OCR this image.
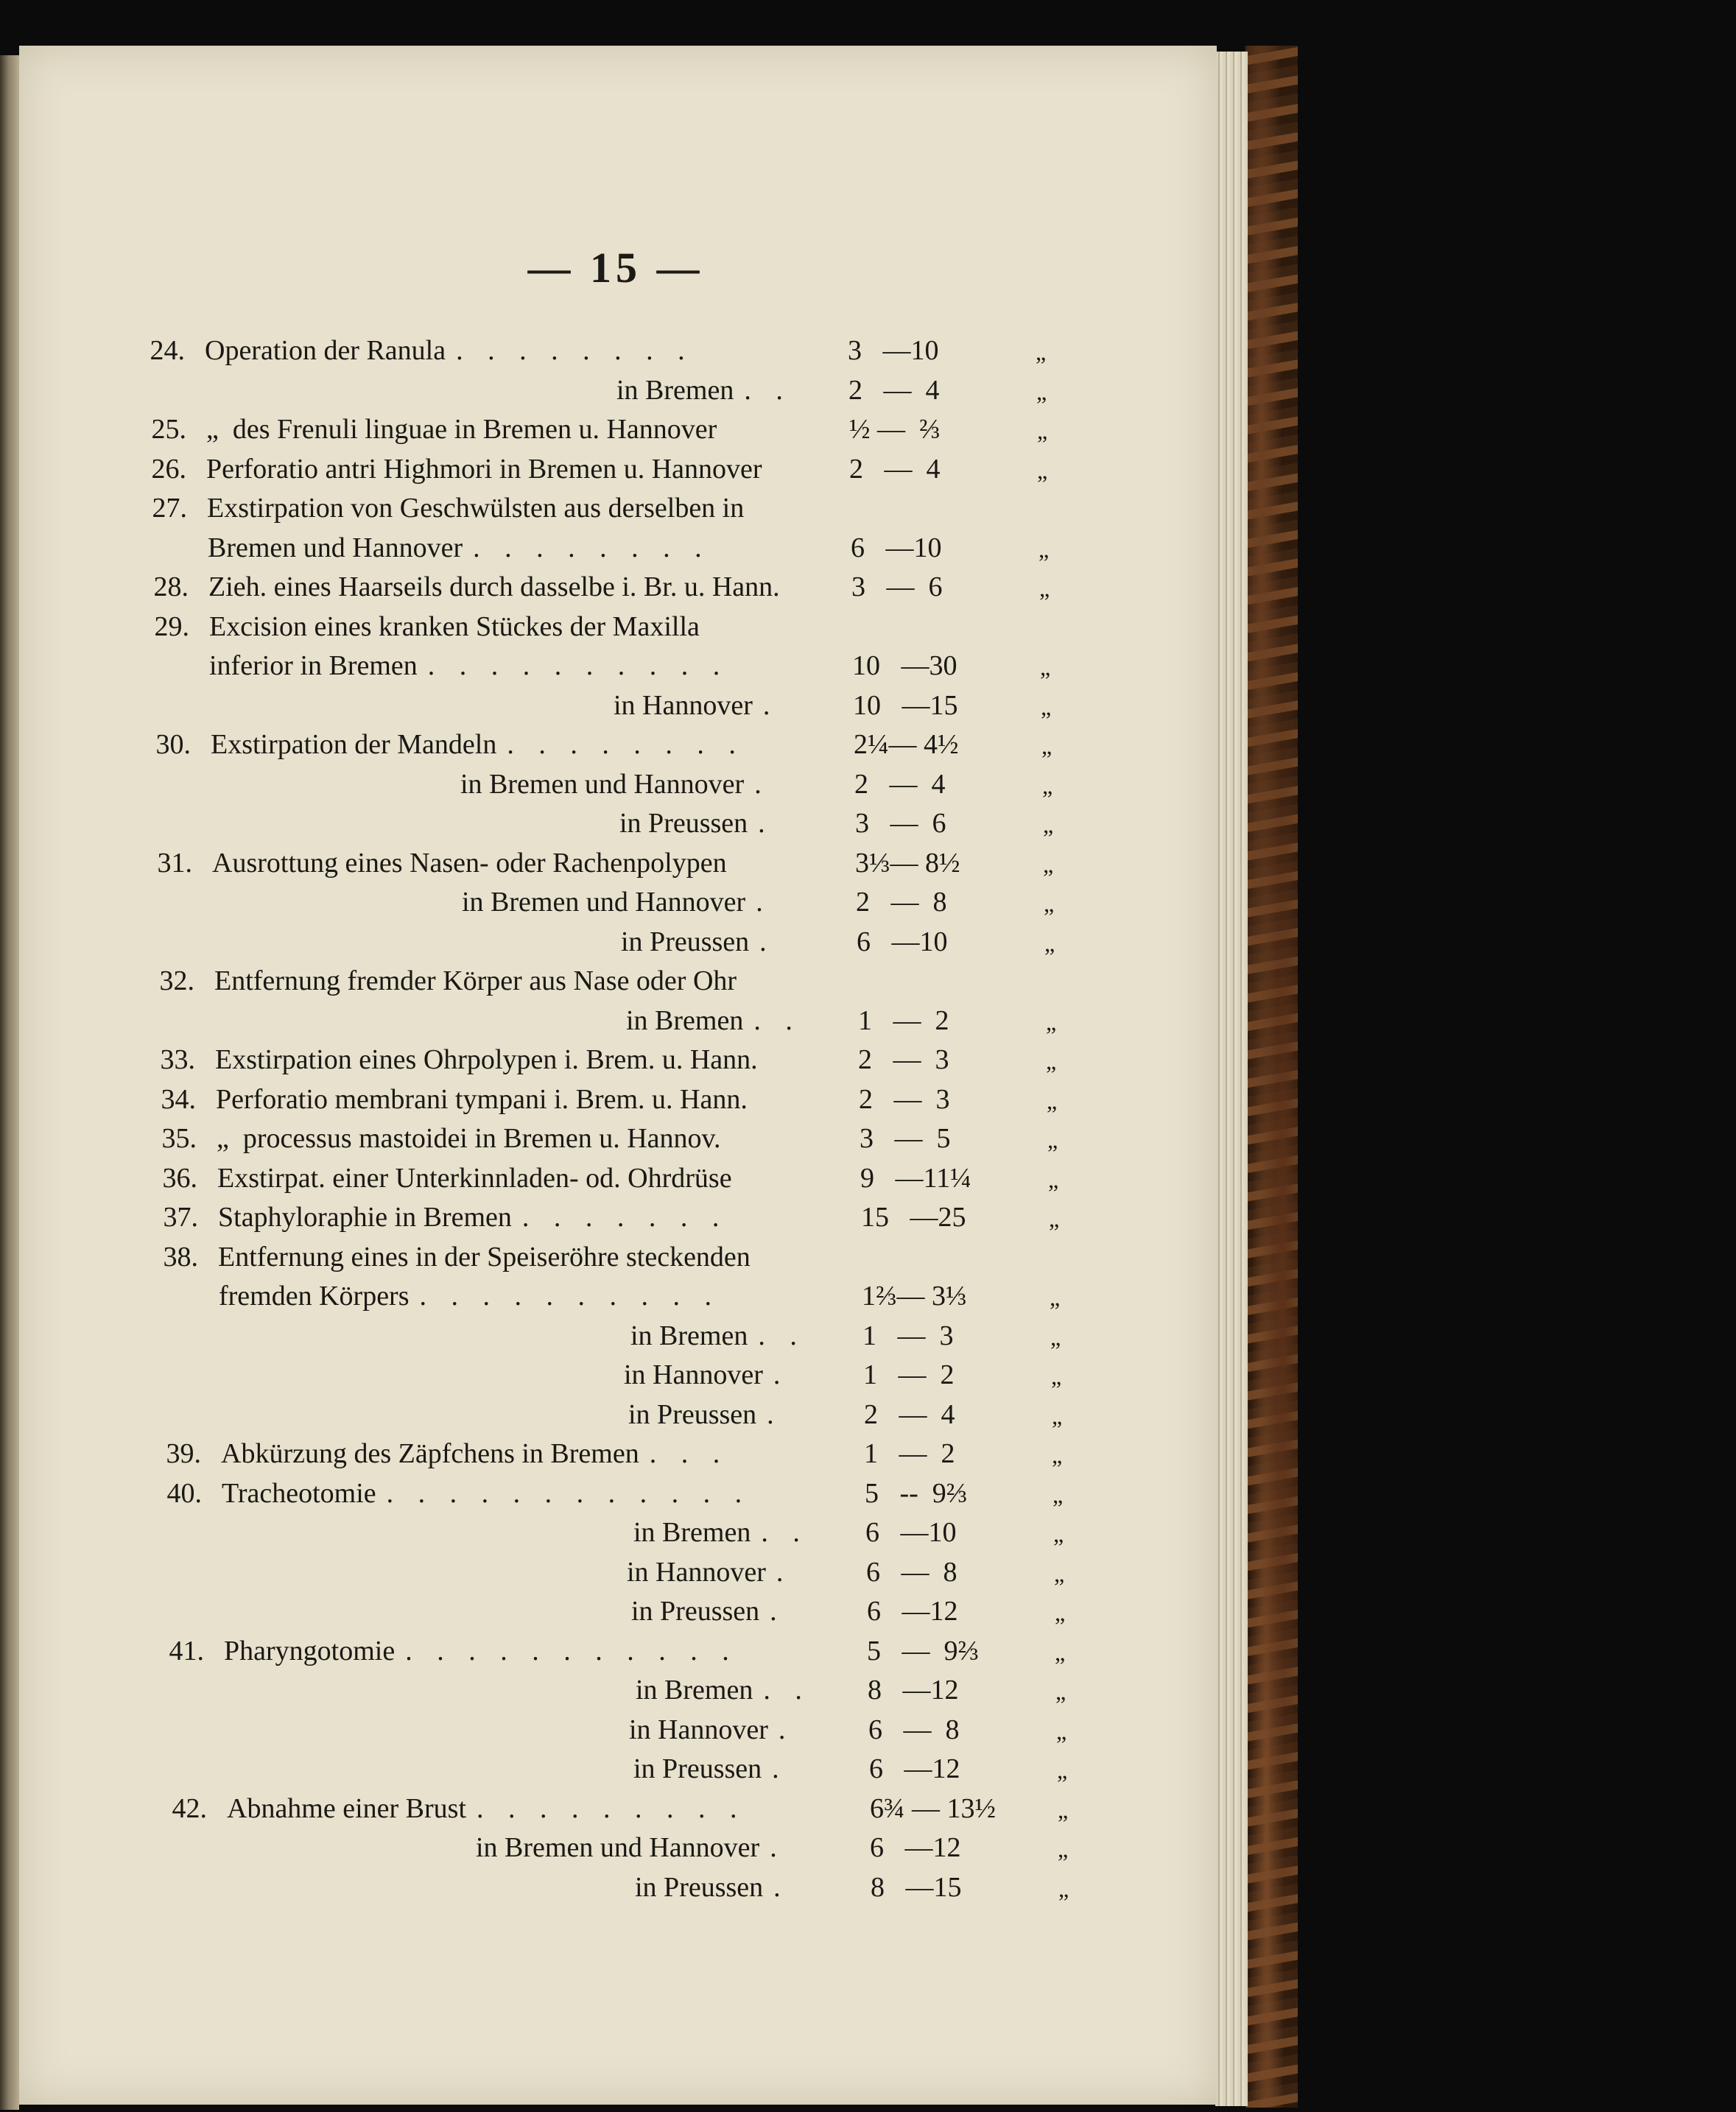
— 15 —
24. Operation der Ranula . . . . . . . .	3   —10	„
in Bremen . . 2   —  4	„
25. „  des Frenuli linguae in Bremen u. Hannover	½ —  ⅔	„
26. Perforatio antri Highmori in Bremen u. Hannover	2   —  4	„
27. Exstirpation von Geschwülsten aus derselben in
Bremen und Hannover . . . . . . . .	6   —10	„
28. Zieh. eines Haarseils durch dasselbe i. Br. u. Hann.	3   —  6	„
29. Excision eines kranken Stückes der Maxilla
inferior in Bremen . . . . . . . . . .	10   —30	„
in Hannover .	10   —15	„
30. Exstirpation der Mandeln . . . . . . . .	2¼— 4½	„
in Bremen und Hannover .	2   —  4	„
in Preussen .	3   —  6	„
31. Ausrottung eines Nasen- oder Rachenpolypen	3⅓— 8½	„
in Bremen und Hannover .	2   —  8	„
in Preussen .	6   —10	„
32. Entfernung fremder Körper aus Nase oder Ohr
in Bremen . . 1   —  2	„
33. Exstirpation eines Ohrpolypen i. Brem. u. Hann.	2   —  3	„
34. Perforatio membrani tympani i. Brem. u. Hann.	2   —  3	„
35. „  processus mastoidei in Bremen u. Hannov.	3   —  5	„
36. Exstirpat. einer Unterkinnladen- od. Ohrdrüse	9   —11¼	„
37. Staphyloraphie in Bremen . . . . . . .	15   —25	„
38. Entfernung eines in der Speiseröhre steckenden
fremden Körpers . . . . . . . . . .	1⅔— 3⅓	„
in Bremen . . 1   —  3	„
in Hannover .	1   —  2	„
in Preussen .	2   —  4	„
39. Abkürzung des Zäpfchens in Bremen . . .	1   —  2	„
40. Tracheotomie . . . . . . . . . . . .	5   --  9⅔	„
in Bremen . . 6   —10	„
in Hannover .	6   —  8	„
in Preussen .	6   —12	„
41. Pharyngotomie . . . . . . . . . . .	5   —  9⅔	„
in Bremen . . 8   —12	„
in Hannover .	6   —  8	„
in Preussen .	6   —12	„
42. Abnahme einer Brust . . . . . . . . .	6¾ — 13½	„
in Bremen und Hannover .	6   —12	„
in Preussen .	8   —15	„
